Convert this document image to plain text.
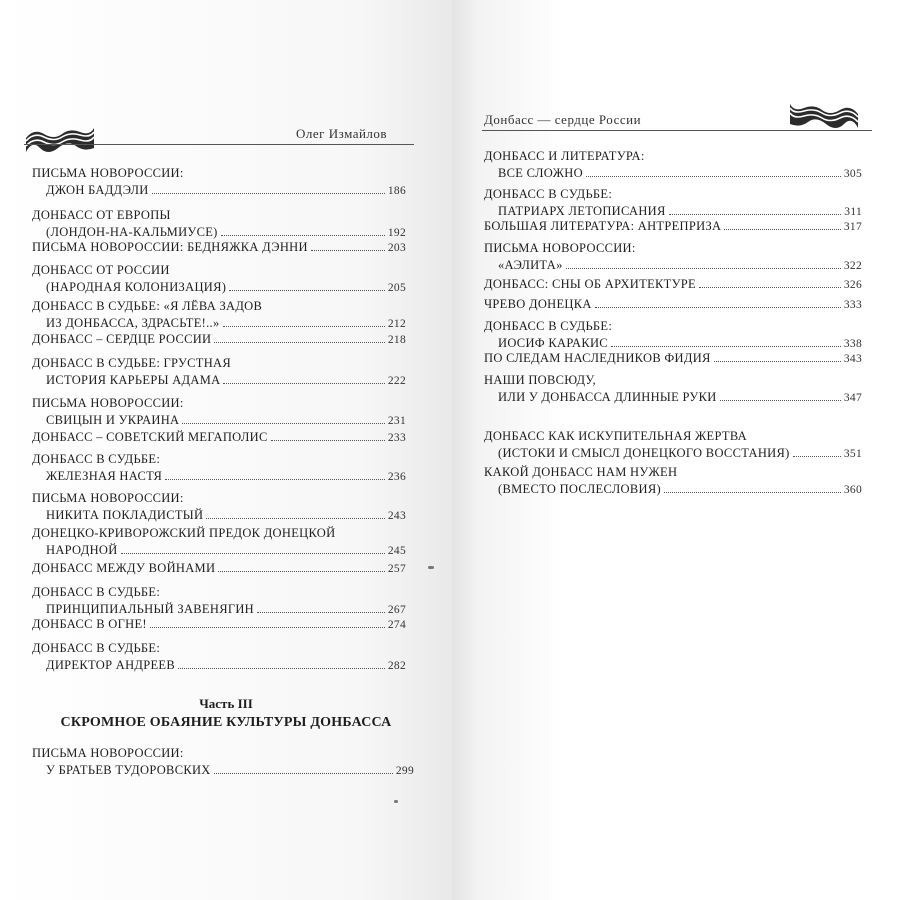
Олег Измайлов
ПИСЬМА НОВОРОССИИ:
ДЖОН БАДДЭЛИ	186
ДОНБАСС ОТ ЕВРОПЫ
(ЛОНДОН-НА-КАЛЬМИУСЕ)	192
ПИСЬМА НОВОРОССИИ: БЕДНЯЖКА ДЭННИ	203
ДОНБАСС ОТ РОССИИ
(НАРОДНАЯ КОЛОНИЗАЦИЯ)	205
ДОНБАСС В СУДЬБЕ: «Я ЛЁВА ЗАДОВ
ИЗ ДОНБАССА, ЗДРАСЬТЕ!..»	212
ДОНБАСС – СЕРДЦЕ РОССИИ	218
ДОНБАСС В СУДЬБЕ: ГРУСТНАЯ
ИСТОРИЯ КАРЬЕРЫ АДАМА	222
ПИСЬМА НОВОРОССИИ:
СВИЦЫН И УКРАИНА	231
ДОНБАСС – СОВЕТСКИЙ МЕГАПОЛИС	233
ДОНБАСС В СУДЬБЕ:
ЖЕЛЕЗНАЯ НАСТЯ	236
ПИСЬМА НОВОРОССИИ:
НИКИТА ПОКЛАДИСТЫЙ	243
ДОНЕЦКО-КРИВОРОЖСКИЙ ПРЕДОК ДОНЕЦКОЙ
НАРОДНОЙ	245
ДОНБАСС МЕЖДУ ВОЙНАМИ	257
ДОНБАСС В СУДЬБЕ:
ПРИНЦИПИАЛЬНЫЙ ЗАВЕНЯГИН	267
ДОНБАСС В ОГНЕ!	274
ДОНБАСС В СУДЬБЕ:
ДИРЕКТОР АНДРЕЕВ	282
Часть III
СКРОМНОЕ ОБАЯНИЕ КУЛЬТУРЫ ДОНБАССА
ПИСЬМА НОВОРОССИИ:
У БРАТЬЕВ ТУДОРОВСКИХ	299
Донбасс — сердце России
ДОНБАСС И ЛИТЕРАТУРА:
ВСЕ СЛОЖНО	305
ДОНБАСС В СУДЬБЕ:
ПАТРИАРХ ЛЕТОПИСАНИЯ	311
БОЛЬШАЯ ЛИТЕРАТУРА: АНТРЕПРИЗА	317
ПИСЬМА НОВОРОССИИ:
«АЭЛИТА»	322
ДОНБАСС: СНЫ ОБ АРХИТЕКТУРЕ	326
ЧРЕВО ДОНЕЦКА	333
ДОНБАСС В СУДЬБЕ:
ИОСИФ КАРАКИС	338
ПО СЛЕДАМ НАСЛЕДНИКОВ ФИДИЯ	343
НАШИ ПОВСЮДУ,
ИЛИ У ДОНБАССА ДЛИННЫЕ РУКИ	347
ДОНБАСС КАК ИСКУПИТЕЛЬНАЯ ЖЕРТВА
(ИСТОКИ И СМЫСЛ ДОНЕЦКОГО ВОССТАНИЯ)	351
КАКОЙ ДОНБАСС НАМ НУЖЕН
(ВМЕСТО ПОСЛЕСЛОВИЯ)	360
